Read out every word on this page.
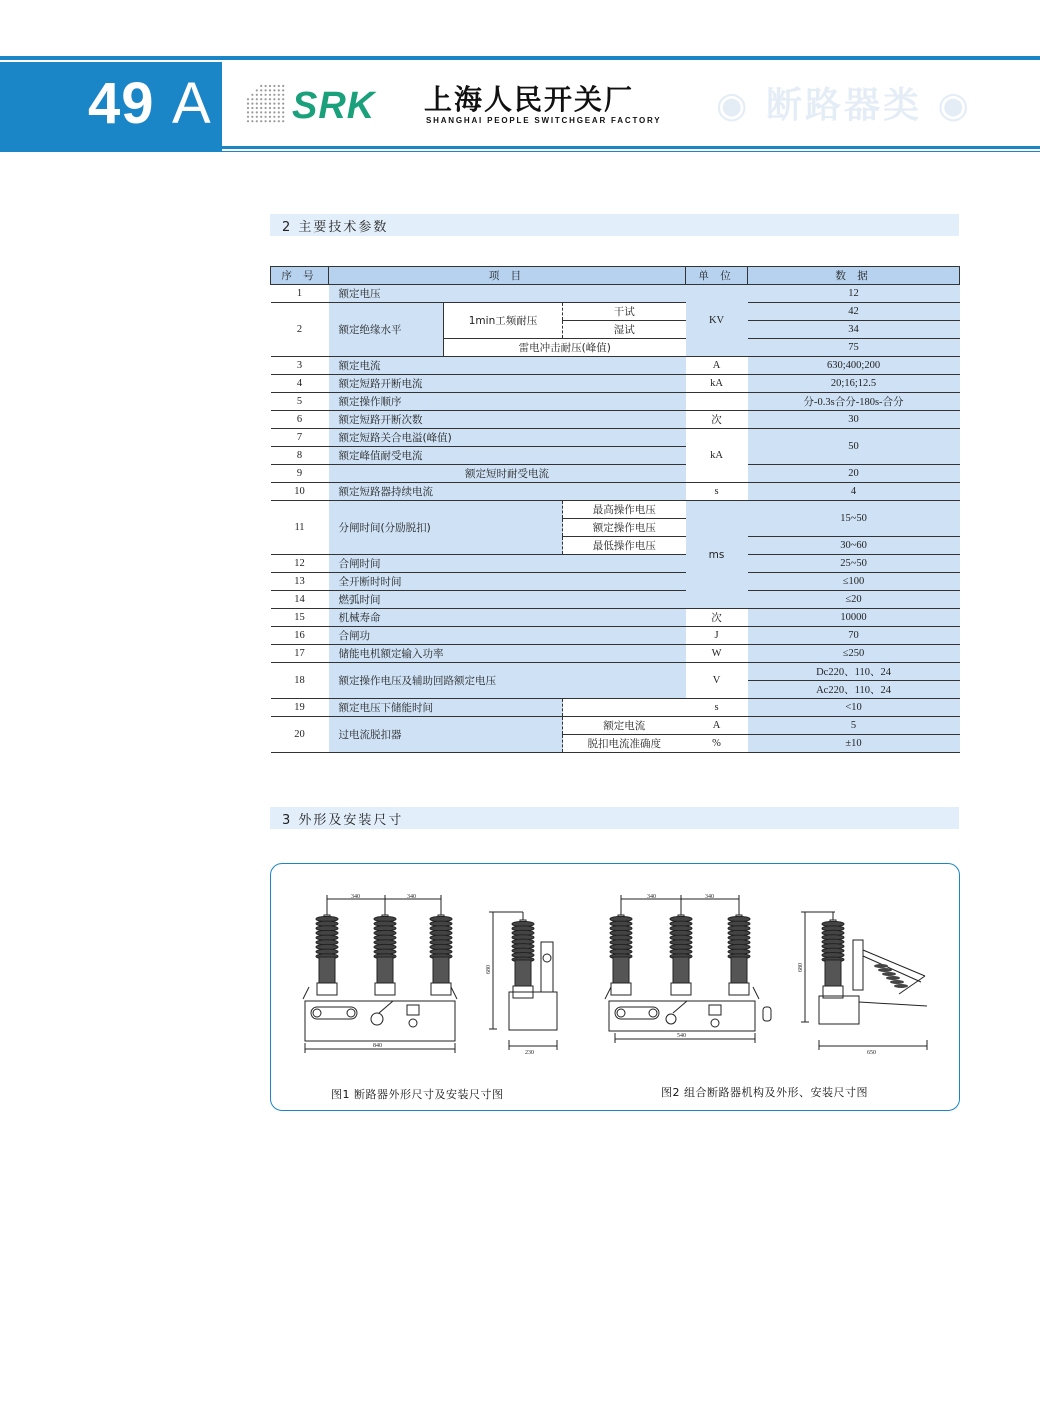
49 A SRK 上海人民开关厂
SHANGHAI PEOPLE SWITCHGEAR FACTORY ◉ 断路器类 ◉
2 主要技术参数
序 号	项 目			单 位	数 据
1	额定电压			KV	12
2	额定绝缘水平	1min工频耐压	干试		42
			湿试		34
		雷电冲击耐压(峰值)			75
3	额定电流			A	630;400;200
4	额定短路开断电流			kA	20;16;12.5
5	额定操作顺序				分-0.3s合分-180s-合分
6	额定短路开断次数			次	30
7	额定短路关合电溢(峰值)			kA	50
8	额定峰值耐受电流				
9	额定短时耐受电流				20
10	额定短路器持续电流			s	4
11	分闸时间(分励脱扣)		最高操作电压	ms	15~50
			额定操作电压		
			最低操作电压		30~60
12	合闸时间				25~50
13	全开断时时间				≤100
14	燃弧时间				≤20
15	机械寿命			次	10000
16	合闸功			J	70
17	储能电机额定输入功率			W	≤250
18	额定操作电压及辅助回路额定电压			V	Dc220、110、24
					Ac220、110、24
19	额定电压下储能时间			s	<10
20	过电流脱扣器		额定电流	A	5
			脱扣电流准确度	%	±10
3 外形及安装尺寸
340	340
840
680
230
340	340
540
680
650
图1 断路器外形尺寸及安装尺寸图	图2 组合断路器机构及外形、安装尺寸图
